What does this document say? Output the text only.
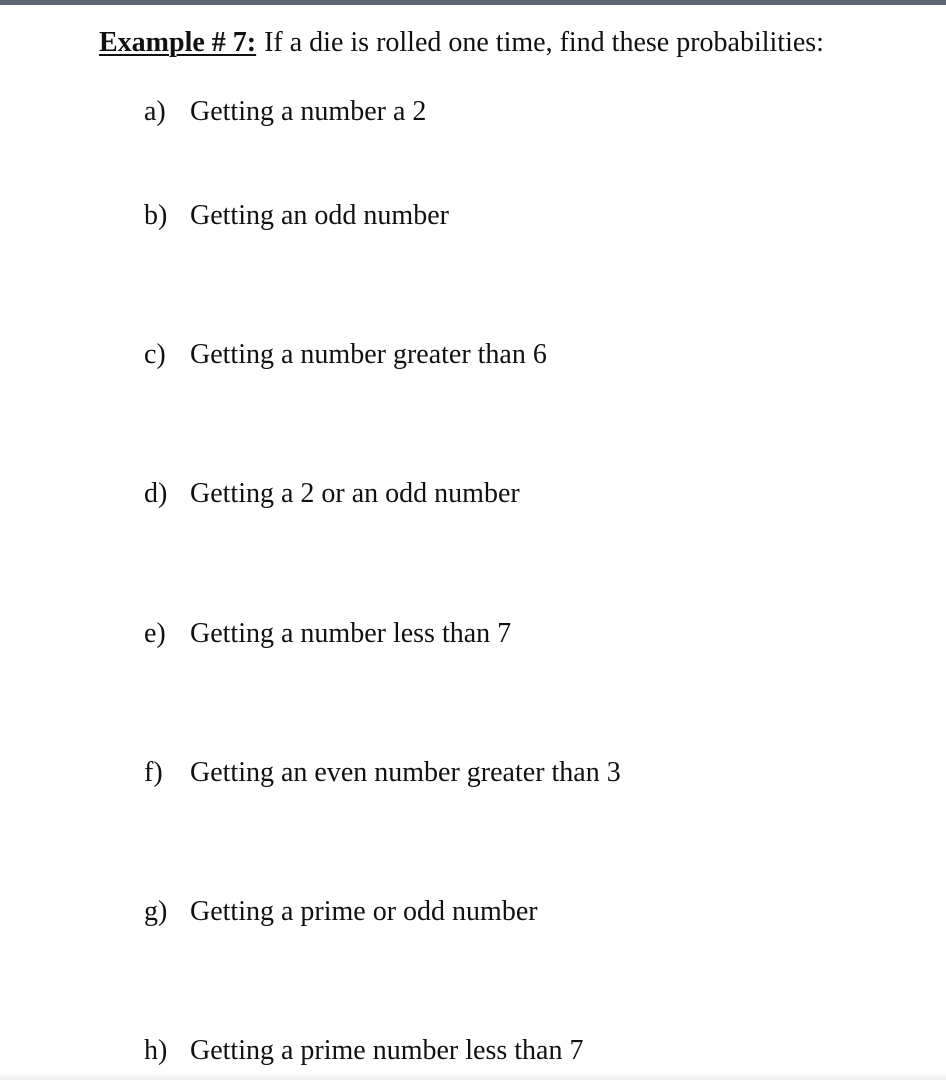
Example # 7: If a die is rolled one time, find these probabilities:
a) Getting a number a 2
b) Getting an odd number
c) Getting a number greater than 6
d) Getting a 2 or an odd number
e) Getting a number less than 7
f) Getting an even number greater than 3
g) Getting a prime or odd number
h) Getting a prime number less than 7
